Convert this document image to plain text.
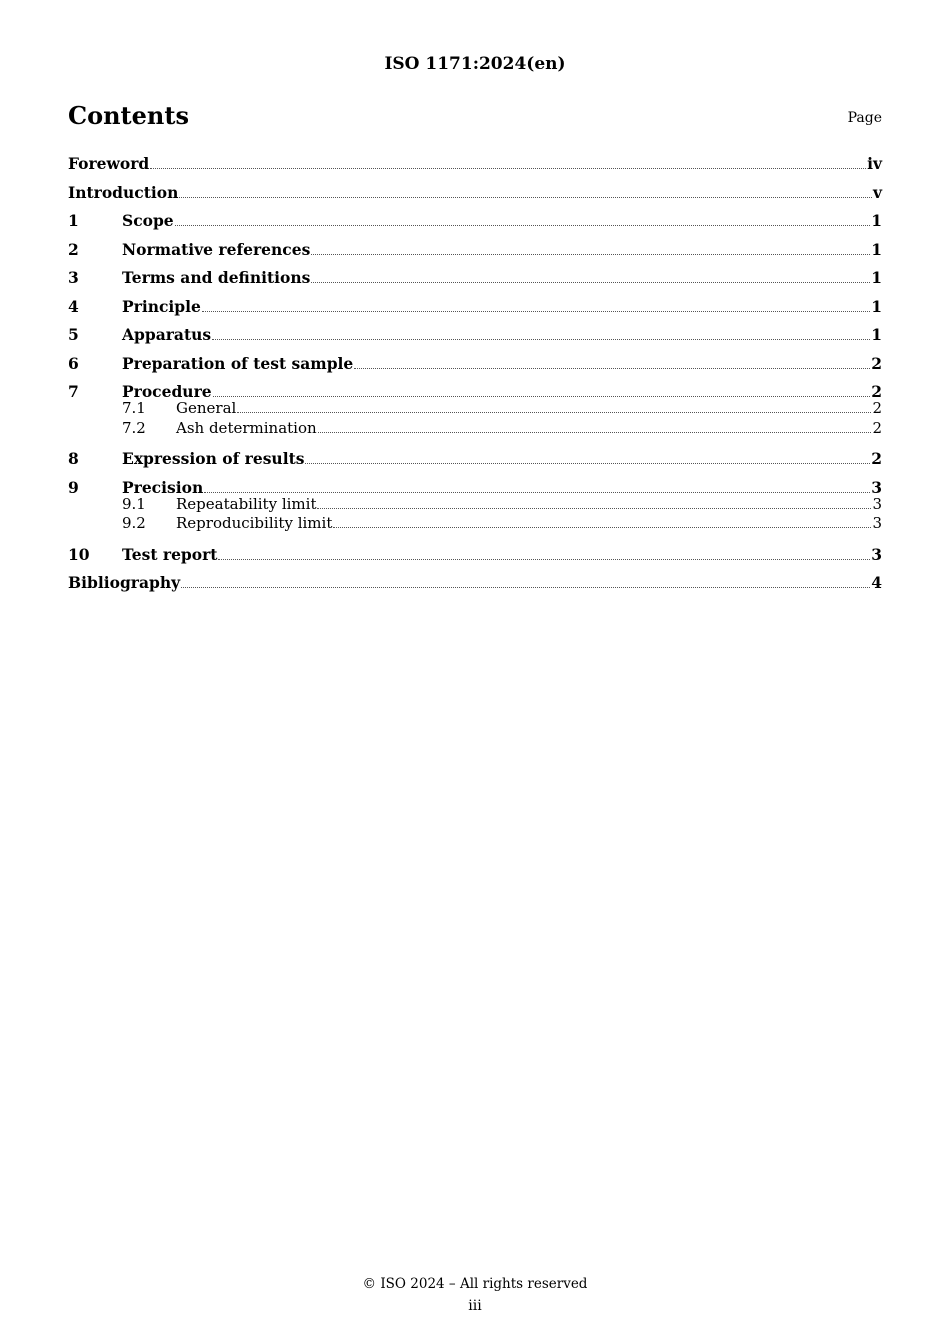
ISO 1171:2024(en)
Contents	Page
Foreword	iv
Introduction	v
1	Scope	1
2	Normative references	1
3	Terms and definitions	1
4	Principle	1
5	Apparatus	1
6	Preparation of test sample	2
7	Procedure	2
7.1	General	2
7.2	Ash determination	2
8	Expression of results	2
9	Precision	3
9.1	Repeatability limit	3
9.2	Reproducibility limit	3
10	Test report	3
Bibliography	4
© ISO 2024 – All rights reserved
iii
